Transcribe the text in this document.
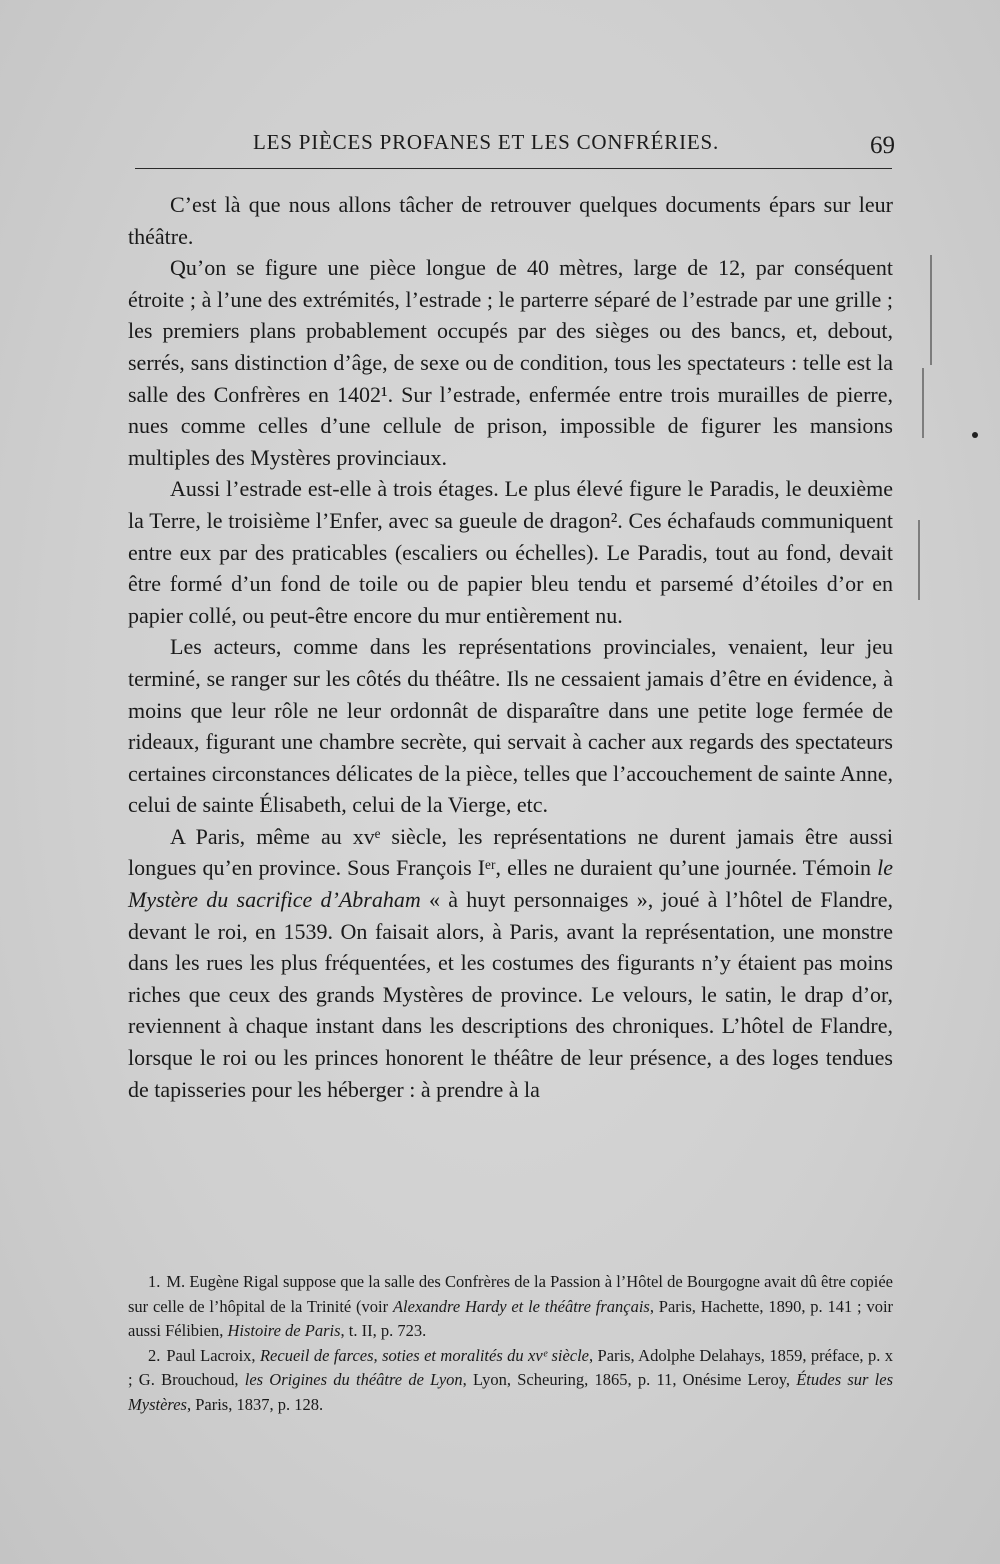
LES PIÈCES PROFANES ET LES CONFRÉRIES.	69

C’est là que nous allons tâcher de retrouver quelques documents épars sur leur théâtre.

Qu’on se figure une pièce longue de 40 mètres, large de 12, par conséquent étroite ; à l’une des extrémités, l’estrade ; le parterre séparé de l’estrade par une grille ; les premiers plans probablement occupés par des sièges ou des bancs, et, debout, serrés, sans distinction d’âge, de sexe ou de condition, tous les spectateurs : telle est la salle des Confrères en 1402¹. Sur l’estrade, enfermée entre trois murailles de pierre, nues comme celles d’une cellule de prison, impossible de figurer les mansions multiples des Mystères provinciaux.

Aussi l’estrade est-elle à trois étages. Le plus élevé figure le Paradis, le deuxième la Terre, le troisième l’Enfer, avec sa gueule de dragon². Ces échafauds communiquent entre eux par des praticables (escaliers ou échelles). Le Paradis, tout au fond, devait être formé d’un fond de toile ou de papier bleu tendu et parsemé d’étoiles d’or en papier collé, ou peut-être encore du mur entièrement nu.

Les acteurs, comme dans les représentations provinciales, venaient, leur jeu terminé, se ranger sur les côtés du théâtre. Ils ne cessaient jamais d’être en évidence, à moins que leur rôle ne leur ordonnât de disparaître dans une petite loge fermée de rideaux, figurant une chambre secrète, qui servait à cacher aux regards des spectateurs certaines circonstances délicates de la pièce, telles que l’accouchement de sainte Anne, celui de sainte Élisabeth, celui de la Vierge, etc.

A Paris, même au xvᵉ siècle, les représentations ne durent jamais être aussi longues qu’en province. Sous François Iᵉʳ, elles ne duraient qu’une journée. Témoin le Mystère du sacrifice d’Abraham « à huyt personnaiges », joué à l’hôtel de Flandre, devant le roi, en 1539. On faisait alors, à Paris, avant la représentation, une monstre dans les rues les plus fréquentées, et les costumes des figurants n’y étaient pas moins riches que ceux des grands Mystères de province. Le velours, le satin, le drap d’or, reviennent à chaque instant dans les descriptions des chroniques. L’hôtel de Flandre, lorsque le roi ou les princes honorent le théâtre de leur présence, a des loges tendues de tapisseries pour les héberger : à prendre à la

1. M. Eugène Rigal suppose que la salle des Confrères de la Passion à l’Hôtel de Bourgogne avait dû être copiée sur celle de l’hôpital de la Trinité (voir Alexandre Hardy et le théâtre français, Paris, Hachette, 1890, p. 141 ; voir aussi Félibien, Histoire de Paris, t. II, p. 723.

2. Paul Lacroix, Recueil de farces, soties et moralités du xvᵉ siècle, Paris, Adolphe Delahays, 1859, préface, p. x ; G. Brouchoud, les Origines du théâtre de Lyon, Lyon, Scheuring, 1865, p. 11, Onésime Leroy, Études sur les Mystères, Paris, 1837, p. 128.
